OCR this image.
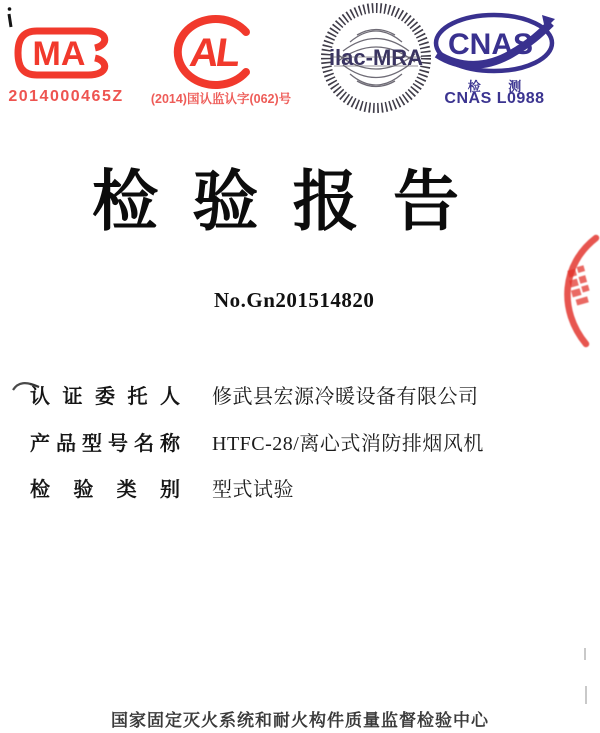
MA
2014000465Z
AL
(2014)国认监认字(062)号
ilac-MRA CNAS
检 测
CNAS L0988
检 验 报 告
No.Gn201514820
认证委托人 修武县宏源冷暖设备有限公司
产品型号名称 HTFC-28/离心式消防排烟风机
检验类别 型式试验
国家固定灭火系统和耐火构件质量监督检验中心
